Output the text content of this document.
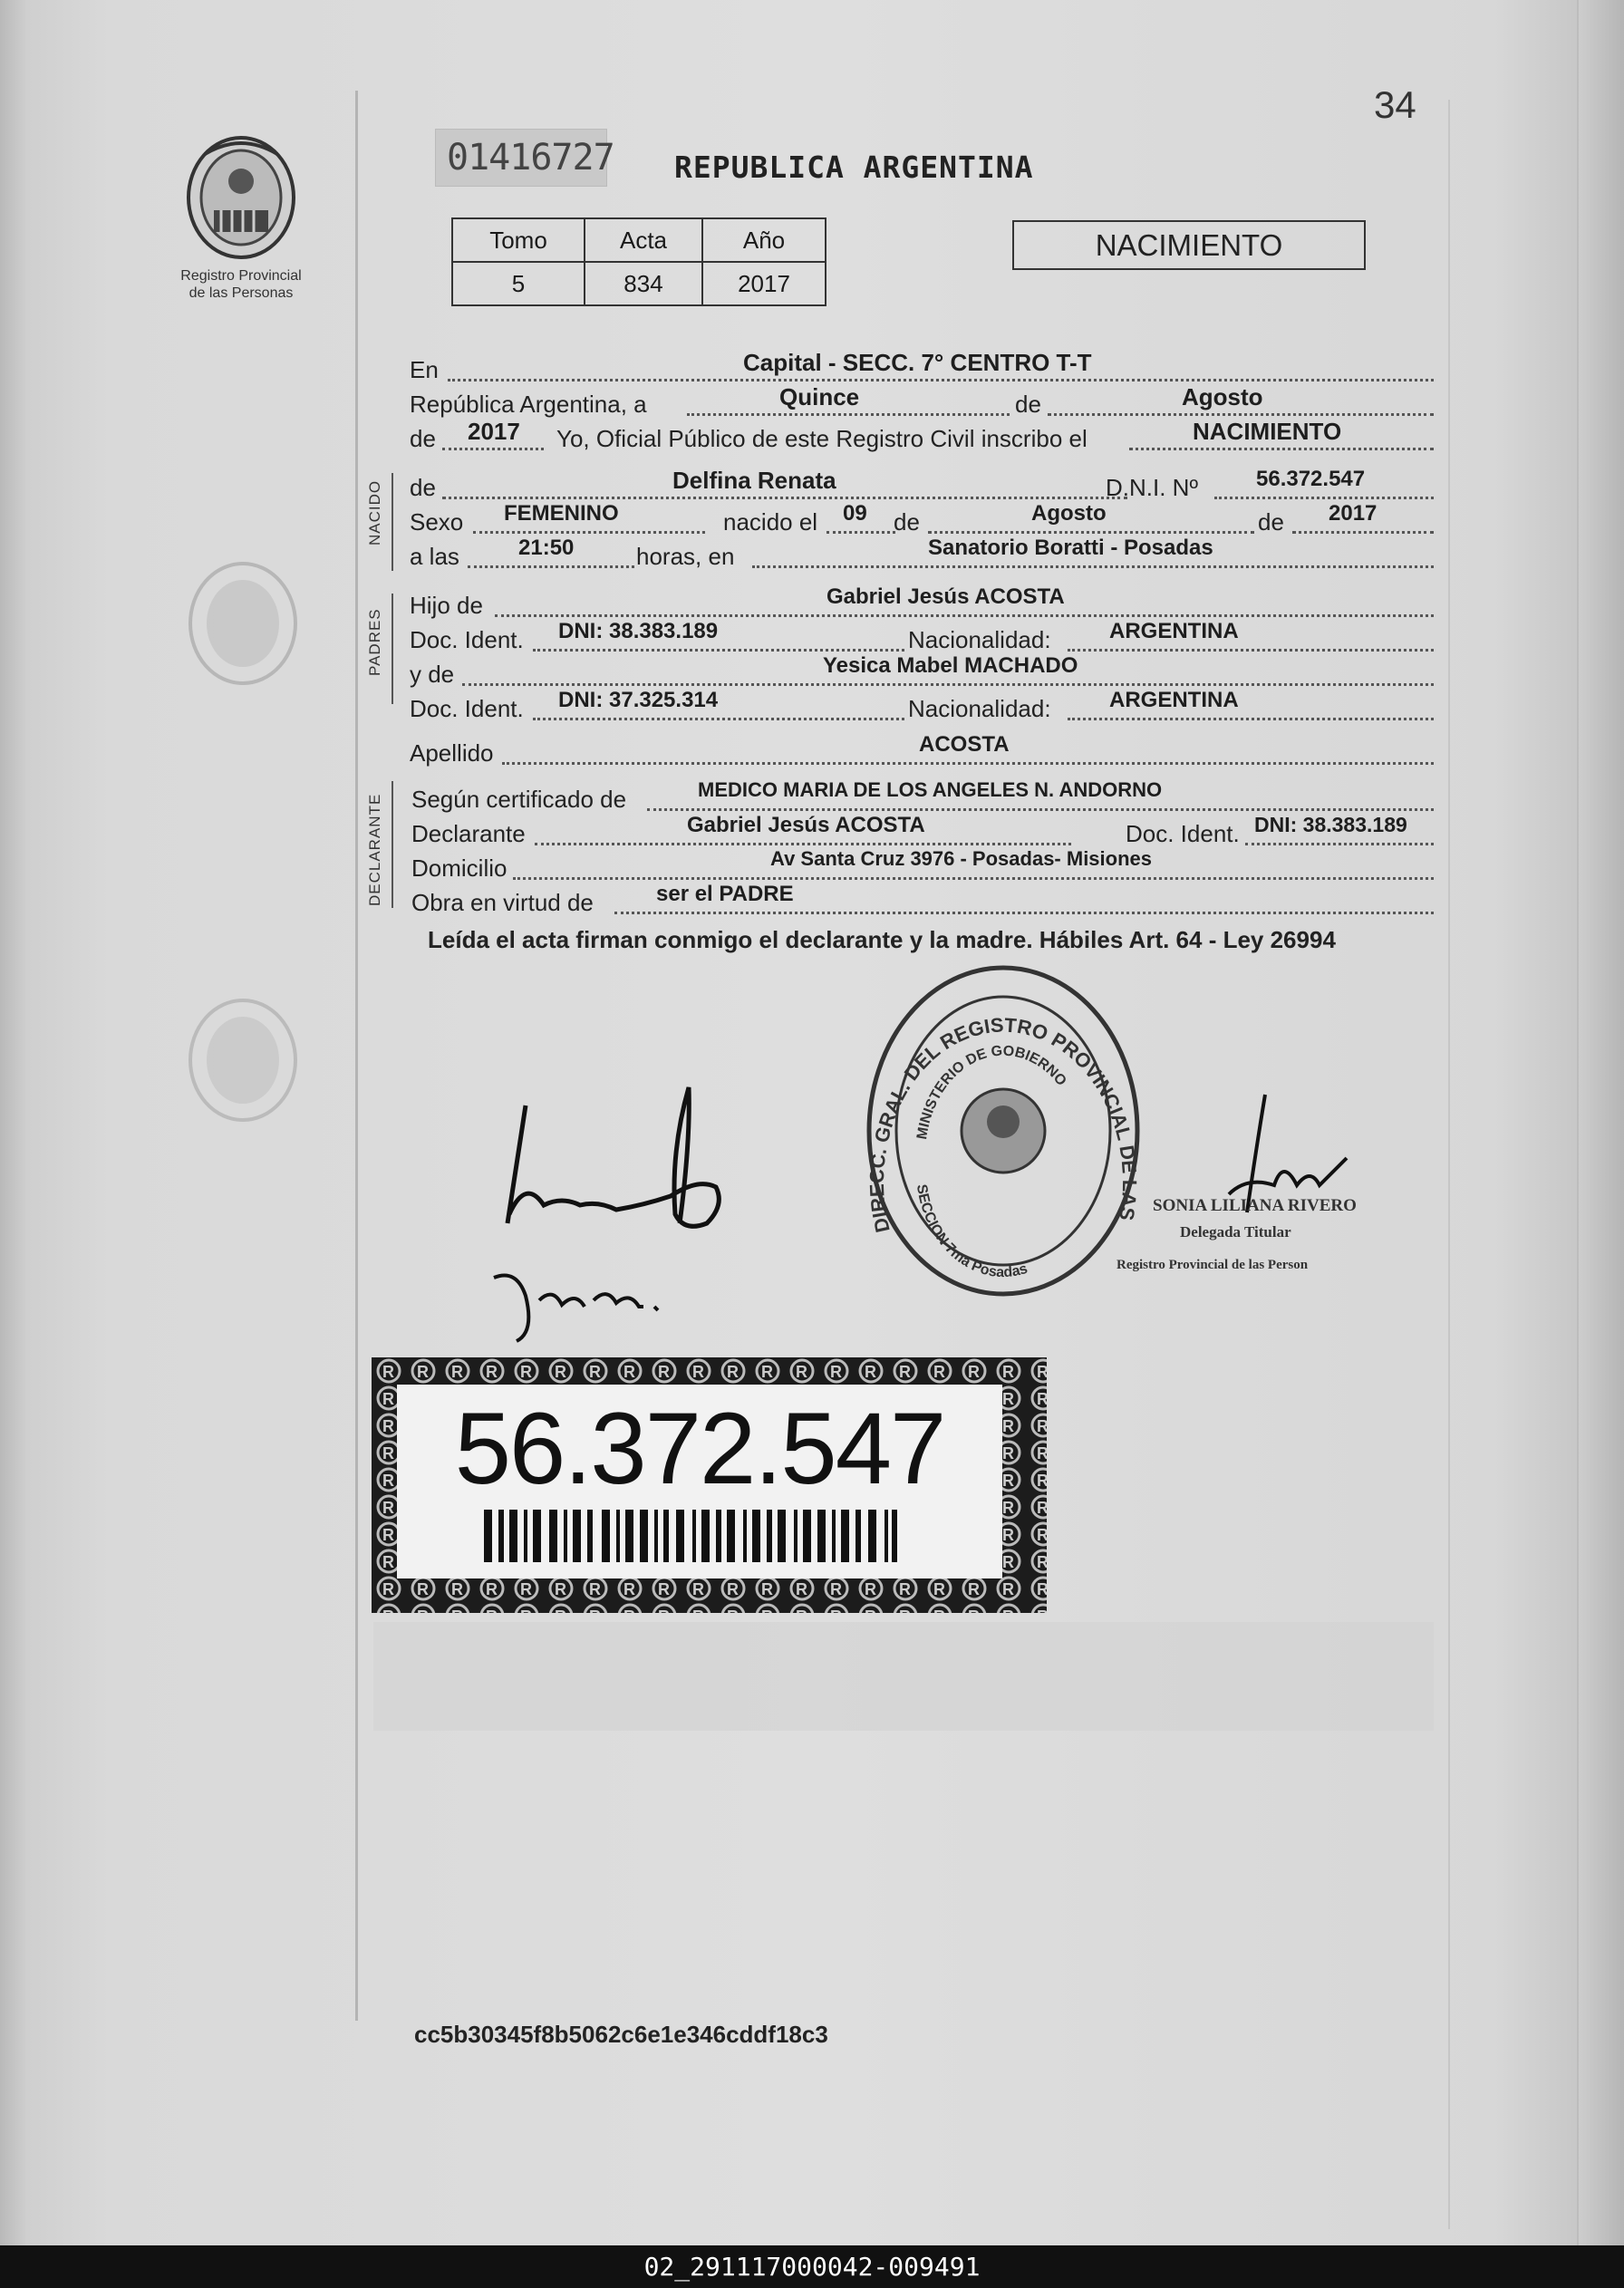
34
Registro Provincial
de las Personas
01416727 REPUBLICA ARGENTINA
Tomo	Acta	Año
5	834	2017
NACIMIENTO
NACIDO
PADRES
DECLARANTE
En	Capital - SECC. 7° CENTRO T-T
República Argentina, a	Quince	de	Agosto
de 2017 Yo, Oficial Público de este Registro Civil inscribo el	NACIMIENTO
de	Delfina Renata	D.N.I. Nº	56.372.547
Sexo FEMENINO	nacido el 09 de	Agosto	de 2017
a las	21:50	horas, en	Sanatorio Boratti - Posadas
Hijo de	Gabriel Jesús ACOSTA
Doc. Ident. DNI: 38.383.189	Nacionalidad:	ARGENTINA
y de	Yesica Mabel MACHADO
Doc. Ident. DNI: 37.325.314	Nacionalidad:	ARGENTINA
Apellido	ACOSTA
Según certificado de	MEDICO MARIA DE LOS ANGELES N. ANDORNO
Declarante	Gabriel Jesús ACOSTA	Doc. Ident. DNI: 38.383.189
Domicilio	Av Santa Cruz 3976 - Posadas- Misiones
Obra en virtud de	ser el PADRE
Leída el acta firman conmigo el declarante y la madre. Hábiles Art. 64 - Ley 26994
DIRECC. GRAL. DEL REGISTRO PROVINCIAL DE LAS
MINISTERIO DE GOBIERNO
SECCION 7ma Posadas
SONIA LILIANA RIVERO
Delegada Titular
Registro Provincial de las Person
56.372.547
cc5b30345f8b5062c6e1e346cddf18c3
02_291117000042-009491
